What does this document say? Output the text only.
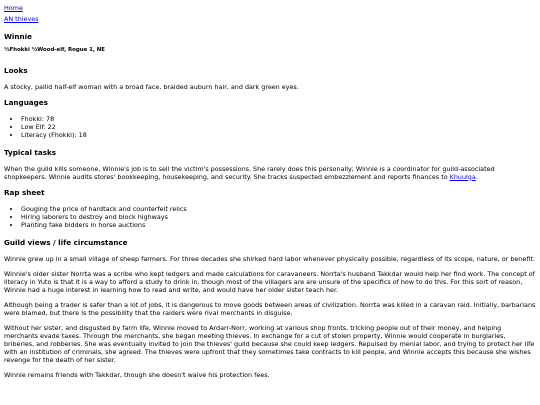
Home
AN thieves
Winnie
½Fhokki ½Wood-elf, Rogue 1, NE
Looks

A stocky, pallid half-elf woman with a broad face, braided auburn hair, and dark green eyes.

Languages
• Fhokki: 78
• Low Elf: 22
• Literacy (Fhokki): 18
Typical tasks

When the guild kills someone, Winnie's job is to sell the victim's possessions. She rarely does this personally; Winnie is a coordinator for guild-associated shopkeepers. Winnie audits stores' bookkeeping, housekeeping, and security. She tracks suspected embezzlement and reports finances to Khuulga.

Rap sheet
• Gouging the price of hardtack and counterfeit relics
• Hiring laborers to destroy and block highways
• Planting fake bidders in horse auctions
Guild views / life circumstance

Winnie grew up in a small village of sheep farmers. For three decades she shirked hard labor whenever physically possible, regardless of its scope, nature, or benefit.

Winnie's older sister Norrta was a scribe who kept ledgers and made calculations for caravaneers. Norrta's husband Takkdar would help her find work. The concept of literacy in Yuto is that it is a way to afford a study to drink in, though most of the villagers are are unsure of the specifics of how to do this. For this sort of reason, Winnie had a huge interest in learning how to read and write, and would have her older sister teach her.

Although being a trader is safer than a lot of jobs, it is dangerous to move goods between areas of civilization. Norrta was killed in a caravan raid. Initially, barbarians were blamed, but there is the possibility that the raiders were rival merchants in disguise.

Without her sister, and disgusted by farm life, Winnie moved to Ardarr-Norr, working at various shop fronts, tricking people out of their money, and helping merchants evade taxes. Through the merchants, she began meeting thieves. In exchange for a cut of stolen property, Winnie would cooperate in burglaries, briberies, and robberies. She was eventually invited to join the thieves' guild because she could keep ledgers. Repulsed by menial labor, and trying to protect her life with an institution of criminals, she agreed. The thieves were upfront that they sometimes take contracts to kill people, and Winnie accepts this because she wishes revenge for the death of her sister.

Winnie remains friends with Takkdar, though she doesn't waive his protection fees.
